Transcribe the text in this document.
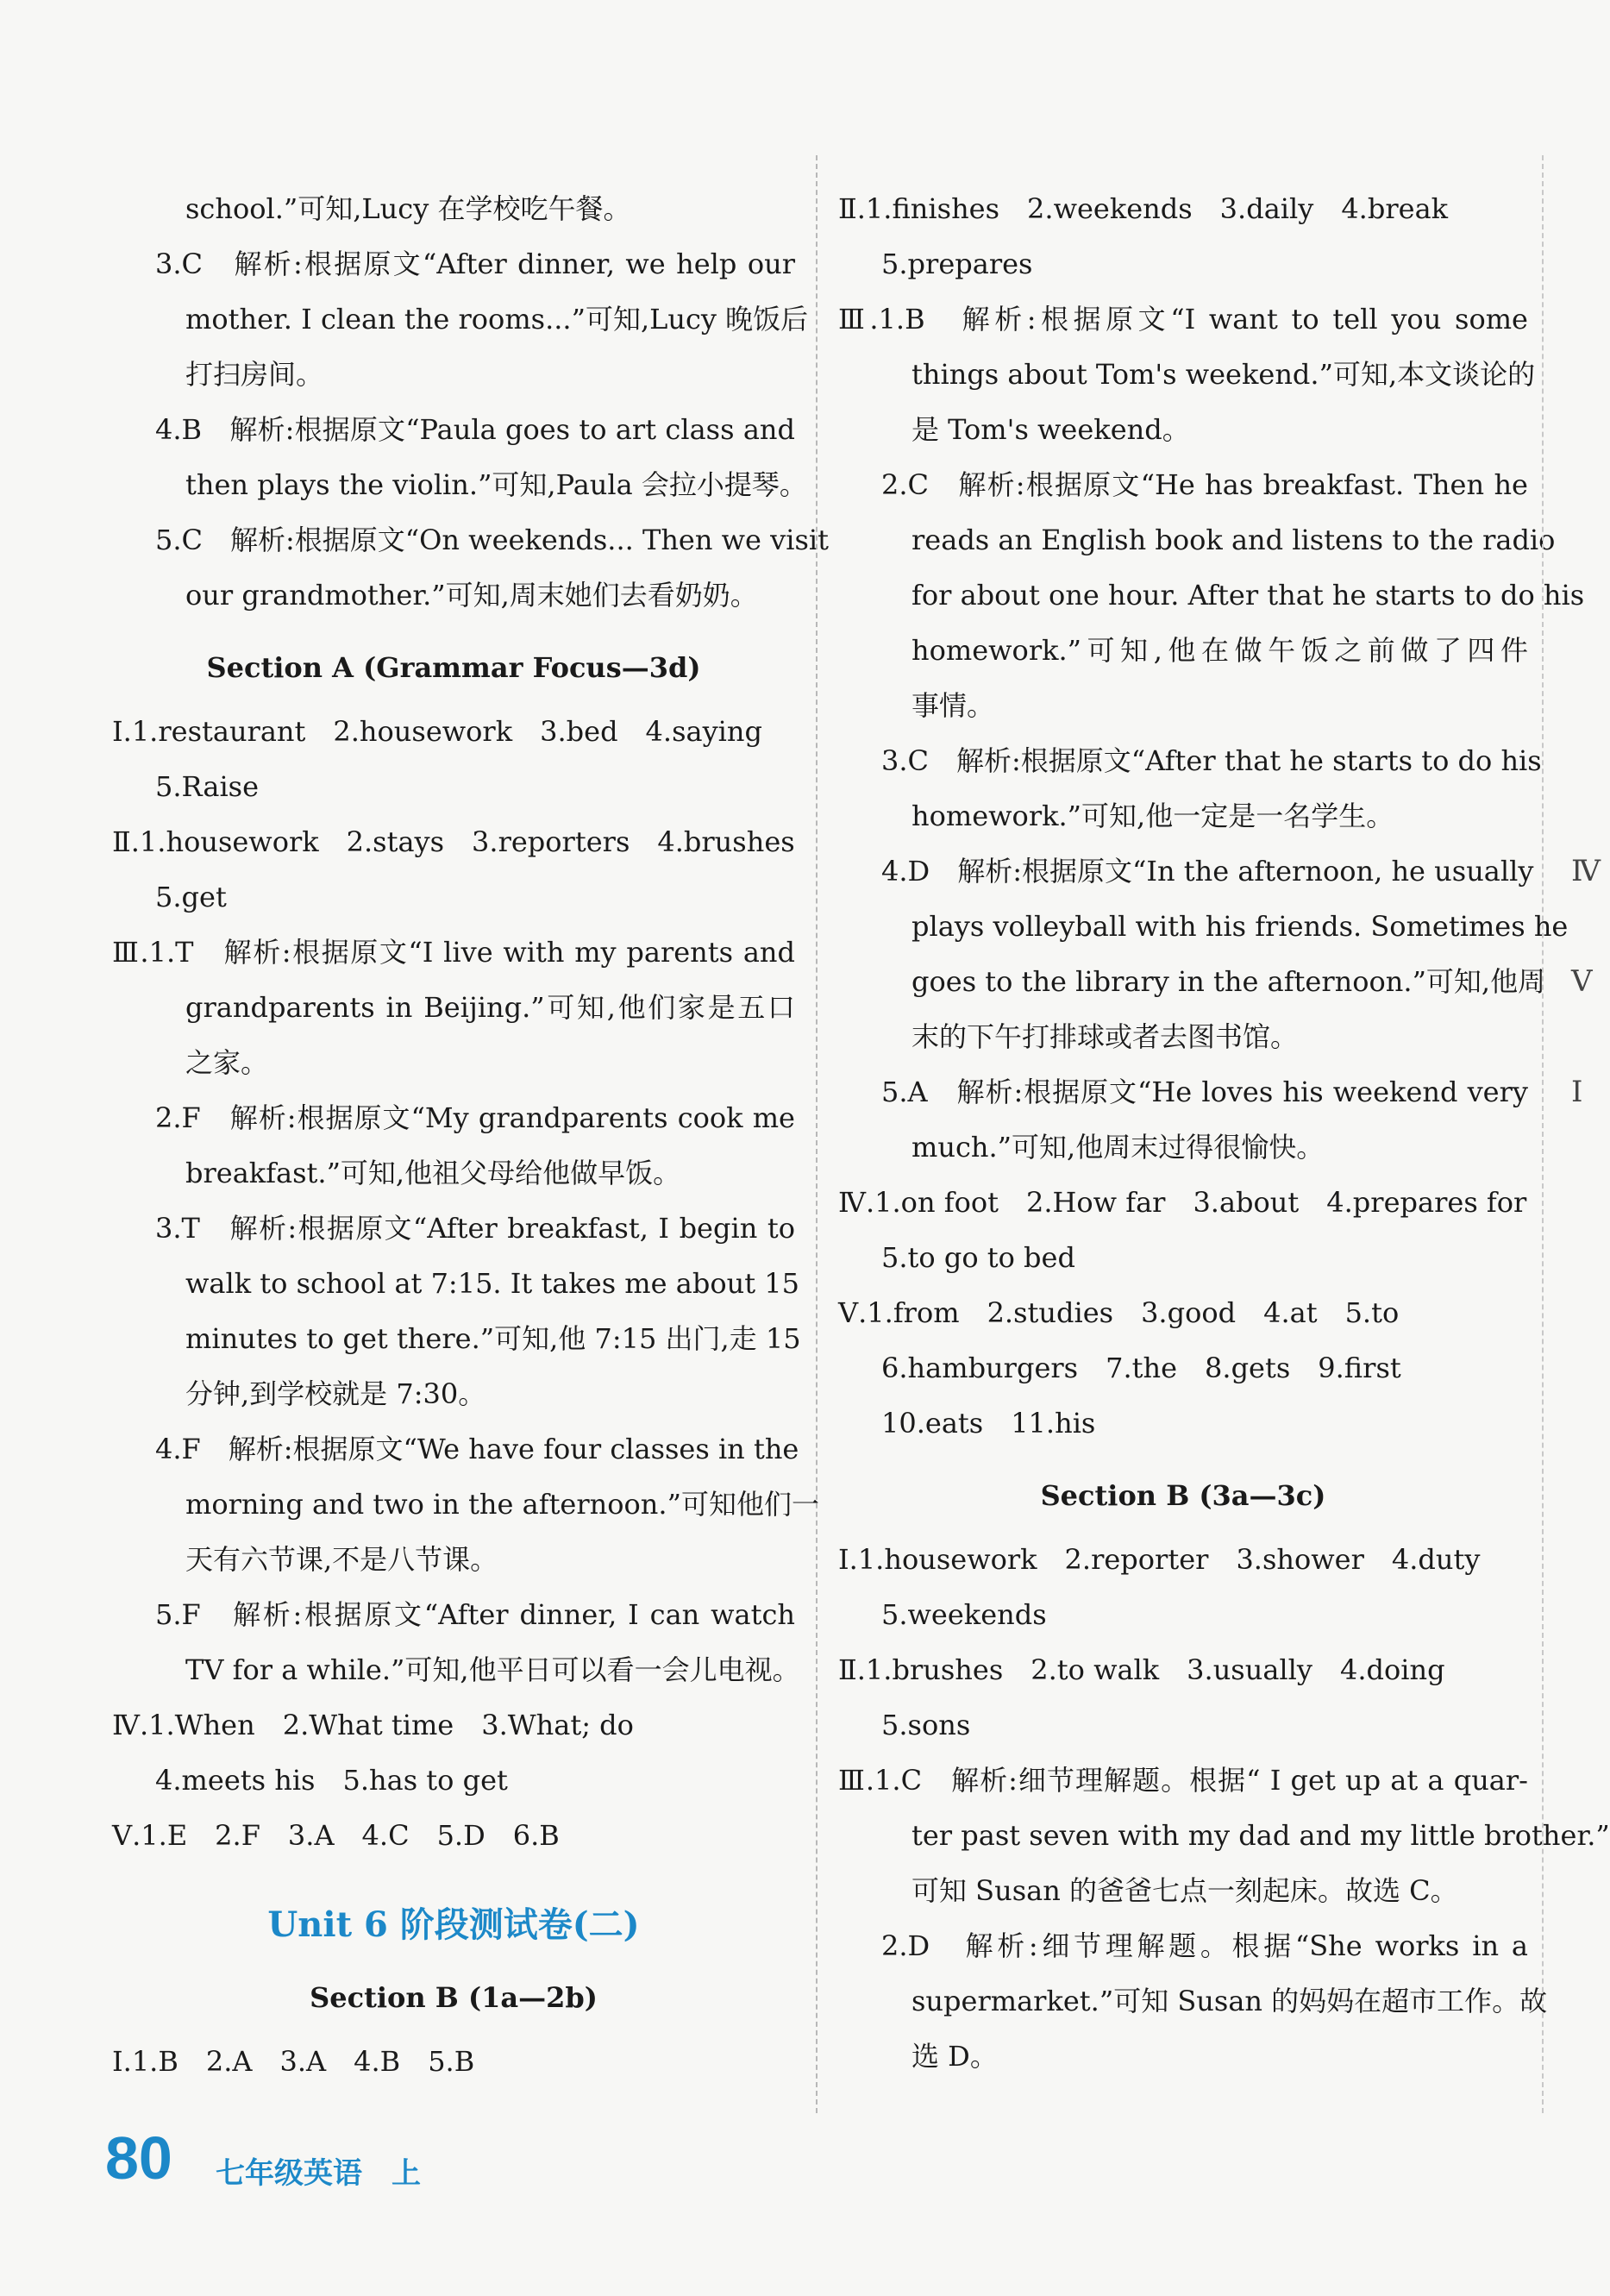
school.”可知,Lucy 在学校吃午餐。
3.C　解析:根据原文“After dinner, we help our
mother. I clean the rooms...”可知,Lucy 晚饭后
打扫房间。
4.B　解析:根据原文“Paula goes to art class and
then plays the violin.”可知,Paula 会拉小提琴。
5.C　解析:根据原文“On weekends... Then we visit
our grandmother.”可知,周末她们去看奶奶。
Section A (Grammar Focus—3d)
Ⅰ.1.restaurant　2.housework　3.bed　4.saying
5.Raise
Ⅱ.1.housework　2.stays　3.reporters　4.brushes
5.get
Ⅲ.1.T　解析:根据原文“I live with my parents and
grandparents in Beijing.”可知,他们家是五口
之家。
2.F　解析:根据原文“My grandparents cook me
breakfast.”可知,他祖父母给他做早饭。
3.T　解析:根据原文“After breakfast, I begin to
walk to school at 7:15. It takes me about 15
minutes to get there.”可知,他 7:15 出门,走 15
分钟,到学校就是 7:30。
4.F　解析:根据原文“We have four classes in the
morning and two in the afternoon.”可知他们一
天有六节课,不是八节课。
5.F　解析:根据原文“After dinner, I can watch
TV for a while.”可知,他平日可以看一会儿电视。
Ⅳ.1.When　2.What time　3.What; do
4.meets his　5.has to get
Ⅴ.1.E　2.F　3.A　4.C　5.D　6.B
Unit 6 阶段测试卷(二)
Section B (1a—2b)
Ⅰ.1.B　2.A　3.A　4.B　5.B
Ⅱ.1.finishes　2.weekends　3.daily　4.break
5.prepares
Ⅲ.1.B　解析:根据原文“I want to tell you some
things about Tom's weekend.”可知,本文谈论的
是 Tom's weekend。
2.C　解析:根据原文“He has breakfast. Then he
reads an English book and listens to the radio
for about one hour. After that he starts to do his
homework.”可知,他在做午饭之前做了四件
事情。
3.C　解析:根据原文“After that he starts to do his
homework.”可知,他一定是一名学生。
4.D　解析:根据原文“In the afternoon, he usually
plays volleyball with his friends. Sometimes he
goes to the library in the afternoon.”可知,他周
末的下午打排球或者去图书馆。
5.A　解析:根据原文“He loves his weekend very
much.”可知,他周末过得很愉快。
Ⅳ.1.on foot　2.How far　3.about　4.prepares for
5.to go to bed
Ⅴ.1.from　2.studies　3.good　4.at　5.to
6.hamburgers　7.the　8.gets　9.first
10.eats　11.his
Section B (3a—3c)
Ⅰ.1.housework　2.reporter　3.shower　4.duty
5.weekends
Ⅱ.1.brushes　2.to walk　3.usually　4.doing
5.sons
Ⅲ.1.C　解析:细节理解题。根据“ I get up at a quar-
ter past seven with my dad and my little brother.”
可知 Susan 的爸爸七点一刻起床。故选 C。
2.D　解析:细节理解题。根据“She works in a
supermarket.”可知 Susan 的妈妈在超市工作。故
选 D。
Ⅳ
Ⅴ
Ⅰ
80 七年级英语　上
